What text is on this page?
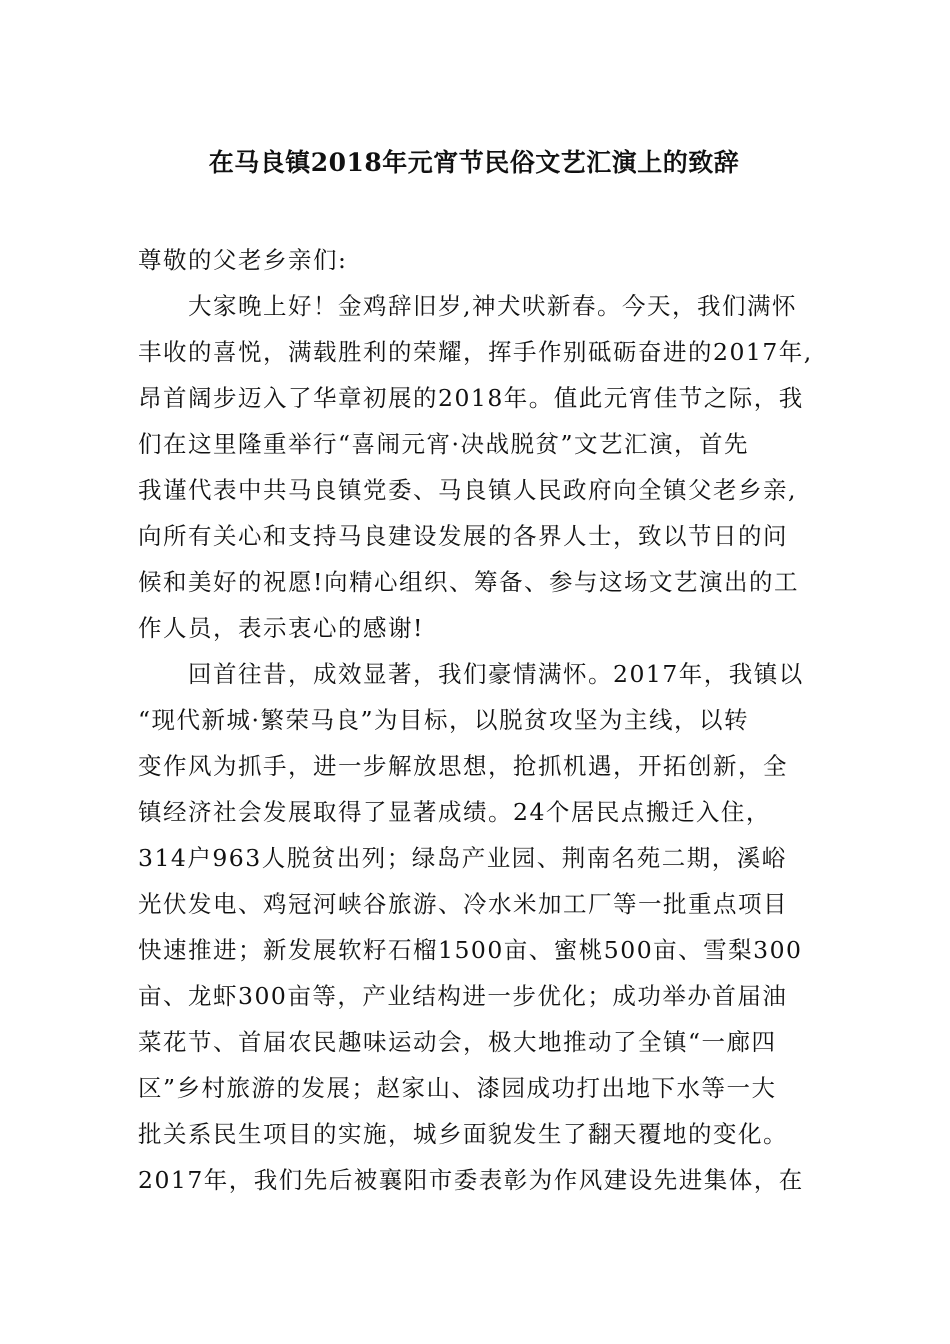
在马良镇2018年元宵节民俗文艺汇演上的致辞
尊敬的父老乡亲们:
大家晚上好！金鸡辞旧岁,神犬吠新春。今天，我们满怀
丰收的喜悦，满载胜利的荣耀，挥手作别砥砺奋进的2017年,
昂首阔步迈入了华章初展的2018年。值此元宵佳节之际，我
们在这里隆重举行“喜闹元宵·决战脱贫”文艺汇演，首先
我谨代表中共马良镇党委、马良镇人民政府向全镇父老乡亲,
向所有关心和支持马良建设发展的各界人士，致以节日的问
候和美好的祝愿!向精心组织、筹备、参与这场文艺演出的工
作人员，表示衷心的感谢!
回首往昔，成效显著，我们豪情满怀。2017年，我镇以
“现代新城·繁荣马良”为目标，以脱贫攻坚为主线，以转
变作风为抓手，进一步解放思想，抢抓机遇，开拓创新，全
镇经济社会发展取得了显著成绩。24个居民点搬迁入住，
314户963人脱贫出列；绿岛产业园、荆南名苑二期，溪峪
光伏发电、鸡冠河峡谷旅游、冷水米加工厂等一批重点项目
快速推进；新发展软籽石榴1500亩、蜜桃500亩、雪梨300
亩、龙虾300亩等，产业结构进一步优化；成功举办首届油
菜花节、首届农民趣味运动会，极大地推动了全镇“一廊四
区”乡村旅游的发展；赵家山、漆园成功打出地下水等一大
批关系民生项目的实施，城乡面貌发生了翻天覆地的变化。
2017年，我们先后被襄阳市委表彰为作风建设先进集体，在
